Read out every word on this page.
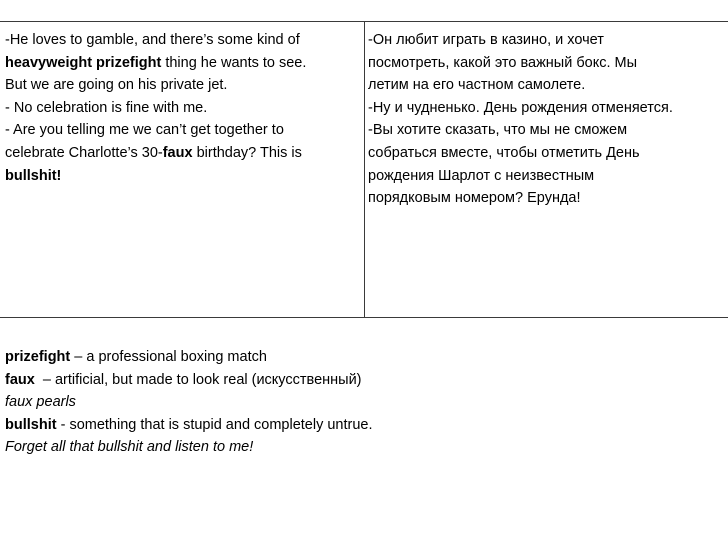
-He loves to gamble, and there’s some kind of
heavyweight prizefight thing he wants to see.
But we are going on his private jet.
- No celebration is fine with me.
- Are you telling me we can’t get together to
celebrate Charlotte’s 30-faux birthday? This is
bullshit!
-Он любит играть в казино, и хочет
посмотреть, какой это важный бокс. Мы
летим на его частном самолете.
-Ну и чудненько. День рождения отменяется.
-Вы хотите сказать, что мы не сможем
собраться вместе, чтобы отметить День
рождения Шарлот с неизвестным
порядковым номером? Ерунда!
prizefight – a professional boxing match
faux  – artificial, but made to look real (искусственный)
faux pearls
bullshit - something that is stupid and completely untrue.
Forget all that bullshit and listen to me!
